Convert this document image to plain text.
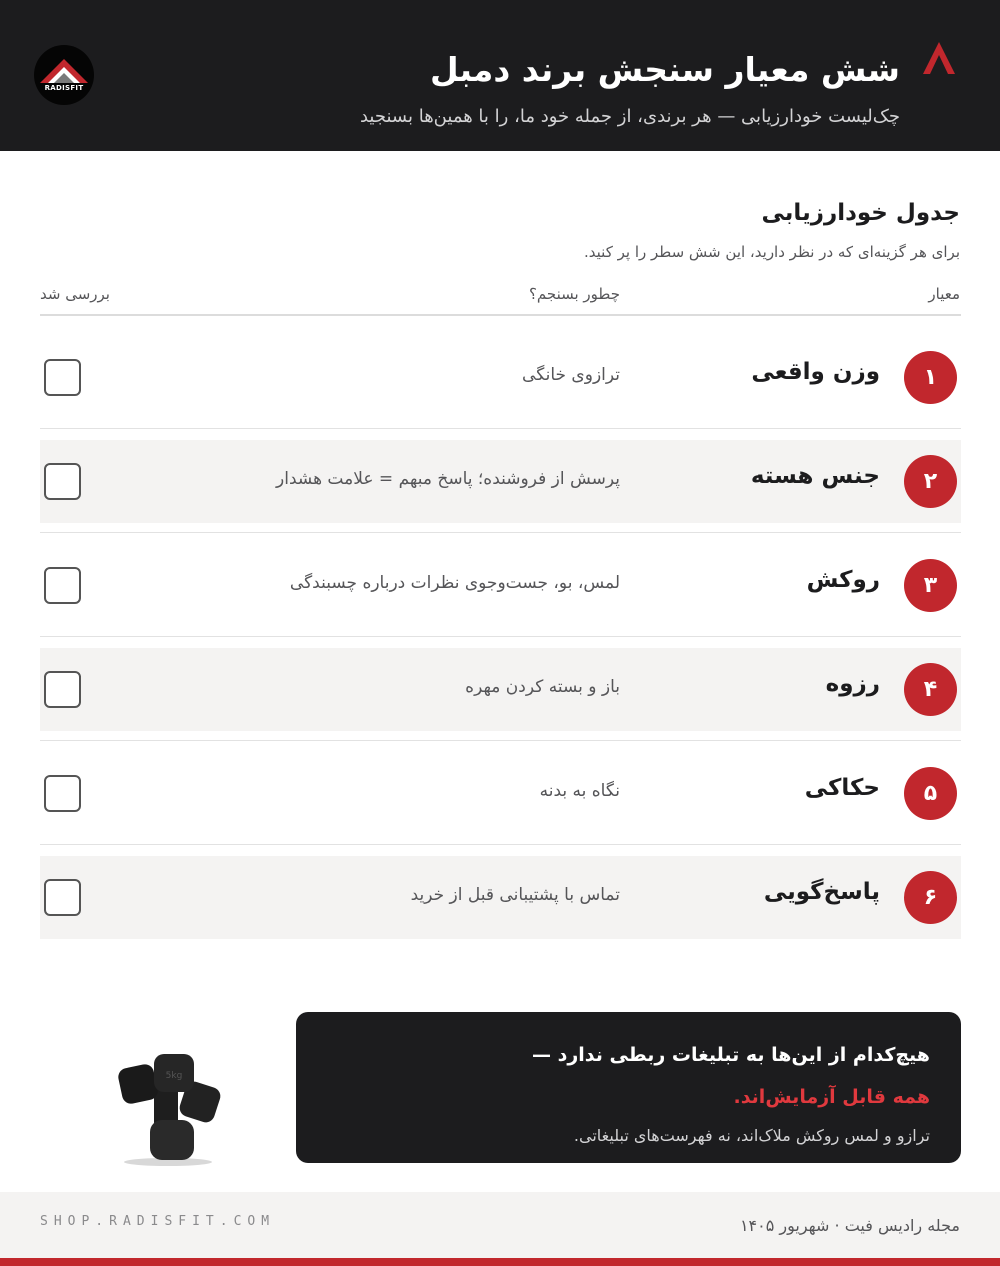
RADISFIT	شش معیار سنجش برند دمبل
چک‌لیست خودارزیابی — هر برندی، از جمله خود ما، را با همین‌ها بسنجید
جدول خودارزیابی
برای هر گزینه‌ای که در نظر دارید، این شش سطر را پر کنید.
معیار
چطور بسنجم؟
بررسی شد
۱
وزن واقعی
ترازوی خانگی
۲
جنس هسته
پرسش از فروشنده؛ پاسخ مبهم = علامت هشدار
۳
روکش
لمس، بو، جست‌وجوی نظرات درباره چسبندگی
۴
رزوه
باز و بسته کردن مهره
۵
حکاکی
نگاه به بدنه
۶
پاسخ‌گویی
تماس با پشتیبانی قبل از خرید
5kg
هیچ‌کدام از این‌ها به تبلیغات ربطی ندارد —
همه قابل آزمایش‌اند.
ترازو و لمس روکش ملاک‌اند، نه فهرست‌های تبلیغاتی.
SHOP.RADISFIT.COM	مجله رادیس فیت · شهریور ۱۴۰۵
